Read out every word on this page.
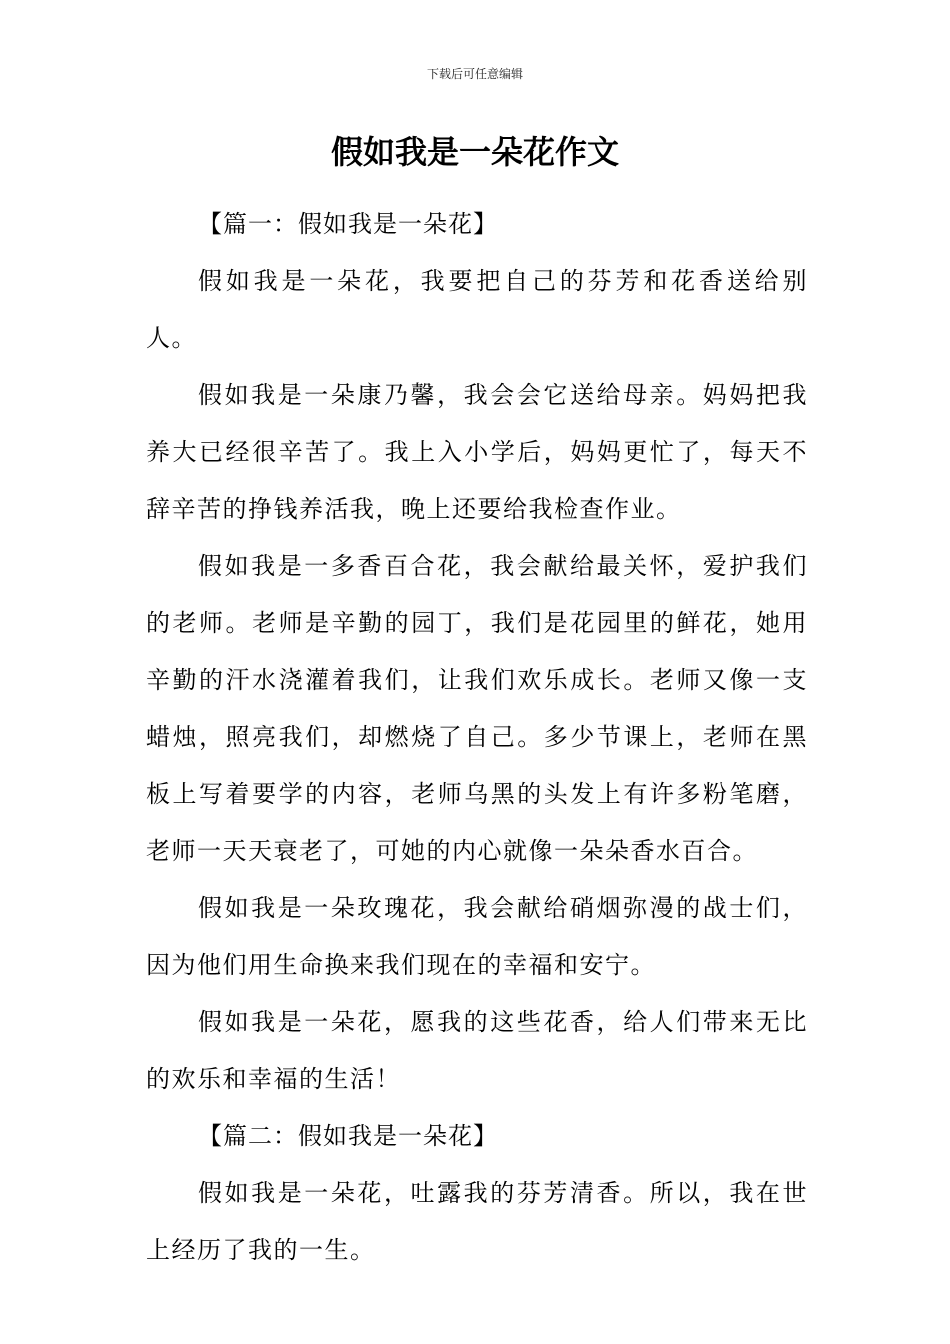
下载后可任意编辑
假如我是一朵花作文

【篇一：假如我是一朵花】

假如我是一朵花，我要把自己的芬芳和花香送给别人。

假如我是一朵康乃馨，我会会它送给母亲。妈妈把我养大已经很辛苦了。我上入小学后，妈妈更忙了，每天不辞辛苦的挣钱养活我，晚上还要给我检查作业。

假如我是一多香百合花，我会献给最关怀，爱护我们的老师。老师是辛勤的园丁，我们是花园里的鲜花，她用辛勤的汗水浇灌着我们，让我们欢乐成长。老师又像一支蜡烛，照亮我们，却燃烧了自己。多少节课上，老师在黑板上写着要学的内容，老师乌黑的头发上有许多粉笔磨，老师一天天衰老了，可她的内心就像一朵朵香水百合。

假如我是一朵玫瑰花，我会献给硝烟弥漫的战士们，因为他们用生命换来我们现在的幸福和安宁。

假如我是一朵花，愿我的这些花香，给人们带来无比的欢乐和幸福的生活！

【篇二：假如我是一朵花】

假如我是一朵花，吐露我的芬芳清香。所以，我在世上经历了我的一生。
